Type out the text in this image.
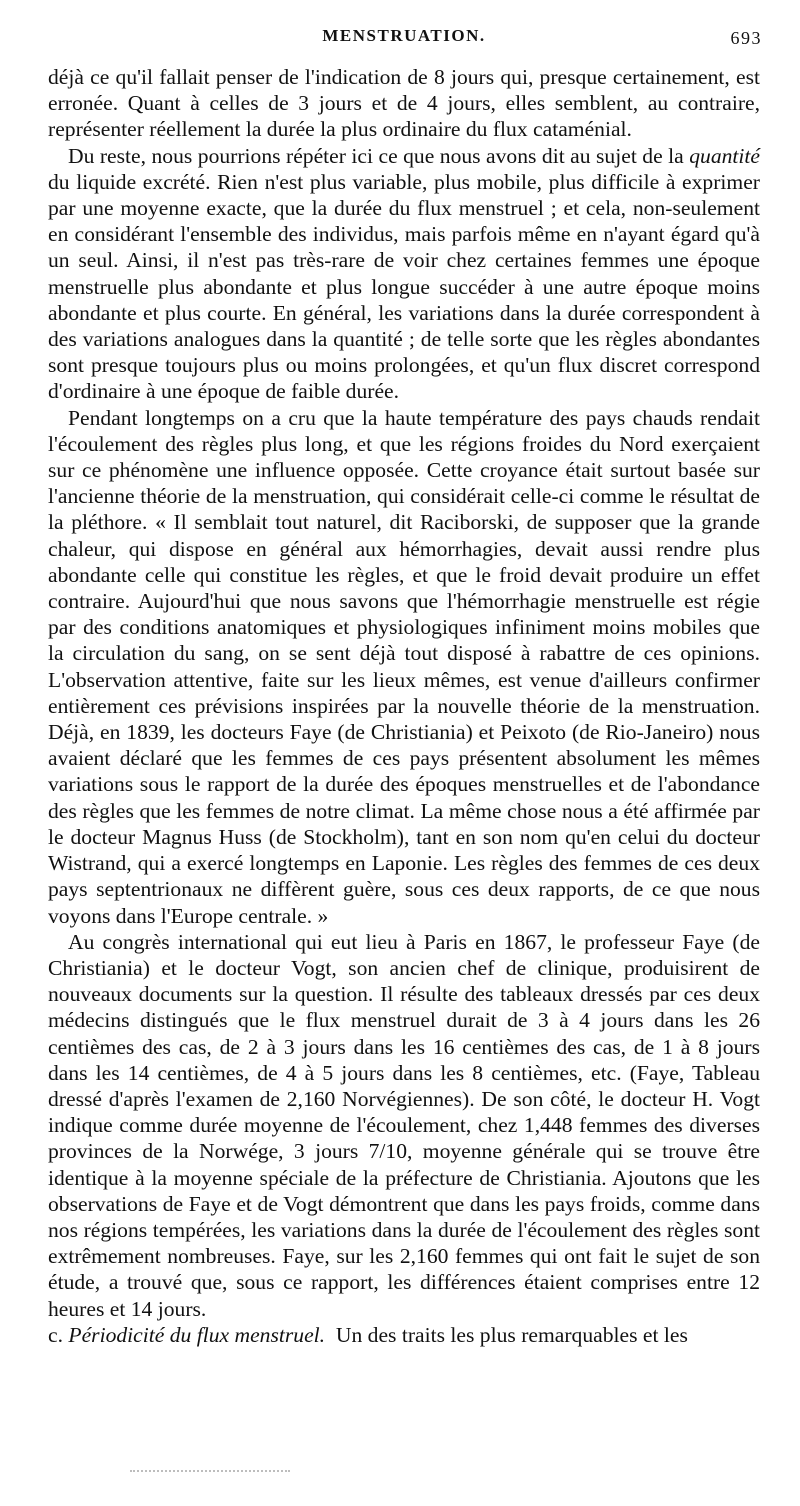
MENSTRUATION.	693

déjà ce qu'il fallait penser de l'indication de 8 jours qui, presque certainement, est erronée. Quant à celles de 3 jours et de 4 jours, elles semblent, au contraire, représenter réellement la durée la plus ordinaire du flux cataménial.

Du reste, nous pourrions répéter ici ce que nous avons dit au sujet de la quantité du liquide excrété. Rien n'est plus variable, plus mobile, plus difficile à exprimer par une moyenne exacte, que la durée du flux menstruel ; et cela, non-seulement en considérant l'ensemble des individus, mais parfois même en n'ayant égard qu'à un seul. Ainsi, il n'est pas très-rare de voir chez certaines femmes une époque menstruelle plus abondante et plus longue succéder à une autre époque moins abondante et plus courte. En général, les variations dans la durée correspondent à des variations analogues dans la quantité ; de telle sorte que les règles abondantes sont presque toujours plus ou moins prolongées, et qu'un flux discret correspond d'ordinaire à une époque de faible durée.

Pendant longtemps on a cru que la haute température des pays chauds rendait l'écoulement des règles plus long, et que les régions froides du Nord exerçaient sur ce phénomène une influence opposée. Cette croyance était surtout basée sur l'ancienne théorie de la menstruation, qui considérait celle-ci comme le résultat de la pléthore. « Il semblait tout naturel, dit Raciborski, de supposer que la grande chaleur, qui dispose en général aux hémorrhagies, devait aussi rendre plus abondante celle qui constitue les règles, et que le froid devait produire un effet contraire. Aujourd'hui que nous savons que l'hémorrhagie menstruelle est régie par des conditions anatomiques et physiologiques infiniment moins mobiles que la circulation du sang, on se sent déjà tout disposé à rabattre de ces opinions. L'observation attentive, faite sur les lieux mêmes, est venue d'ailleurs confirmer entièrement ces prévisions inspirées par la nouvelle théorie de la menstruation. Déjà, en 1839, les docteurs Faye (de Christiania) et Peixoto (de Rio-Janeiro) nous avaient déclaré que les femmes de ces pays présentent absolument les mêmes variations sous le rapport de la durée des époques menstruelles et de l'abondance des règles que les femmes de notre climat. La même chose nous a été affirmée par le docteur Magnus Huss (de Stockholm), tant en son nom qu'en celui du docteur Wistrand, qui a exercé longtemps en Laponie. Les règles des femmes de ces deux pays septentrionaux ne diffèrent guère, sous ces deux rapports, de ce que nous voyons dans l'Europe centrale. »

Au congrès international qui eut lieu à Paris en 1867, le professeur Faye (de Christiania) et le docteur Vogt, son ancien chef de clinique, produisirent de nouveaux documents sur la question. Il résulte des tableaux dressés par ces deux médecins distingués que le flux menstruel durait de 3 à 4 jours dans les 26 centièmes des cas, de 2 à 3 jours dans les 16 centièmes des cas, de 1 à 8 jours dans les 14 centièmes, de 4 à 5 jours dans les 8 centièmes, etc. (Faye, Tableau dressé d'après l'examen de 2,160 Norvégiennes). De son côté, le docteur H. Vogt indique comme durée moyenne de l'écoulement, chez 1,448 femmes des diverses provinces de la Norwége, 3 jours 7/10, moyenne générale qui se trouve être identique à la moyenne spéciale de la préfecture de Christiania. Ajoutons que les observations de Faye et de Vogt démontrent que dans les pays froids, comme dans nos régions tempérées, les variations dans la durée de l'écoulement des règles sont extrêmement nombreuses. Faye, sur les 2,160 femmes qui ont fait le sujet de son étude, a trouvé que, sous ce rapport, les différences étaient comprises entre 12 heures et 14 jours.

c. Périodicité du flux menstruel. Un des traits les plus remarquables et les
